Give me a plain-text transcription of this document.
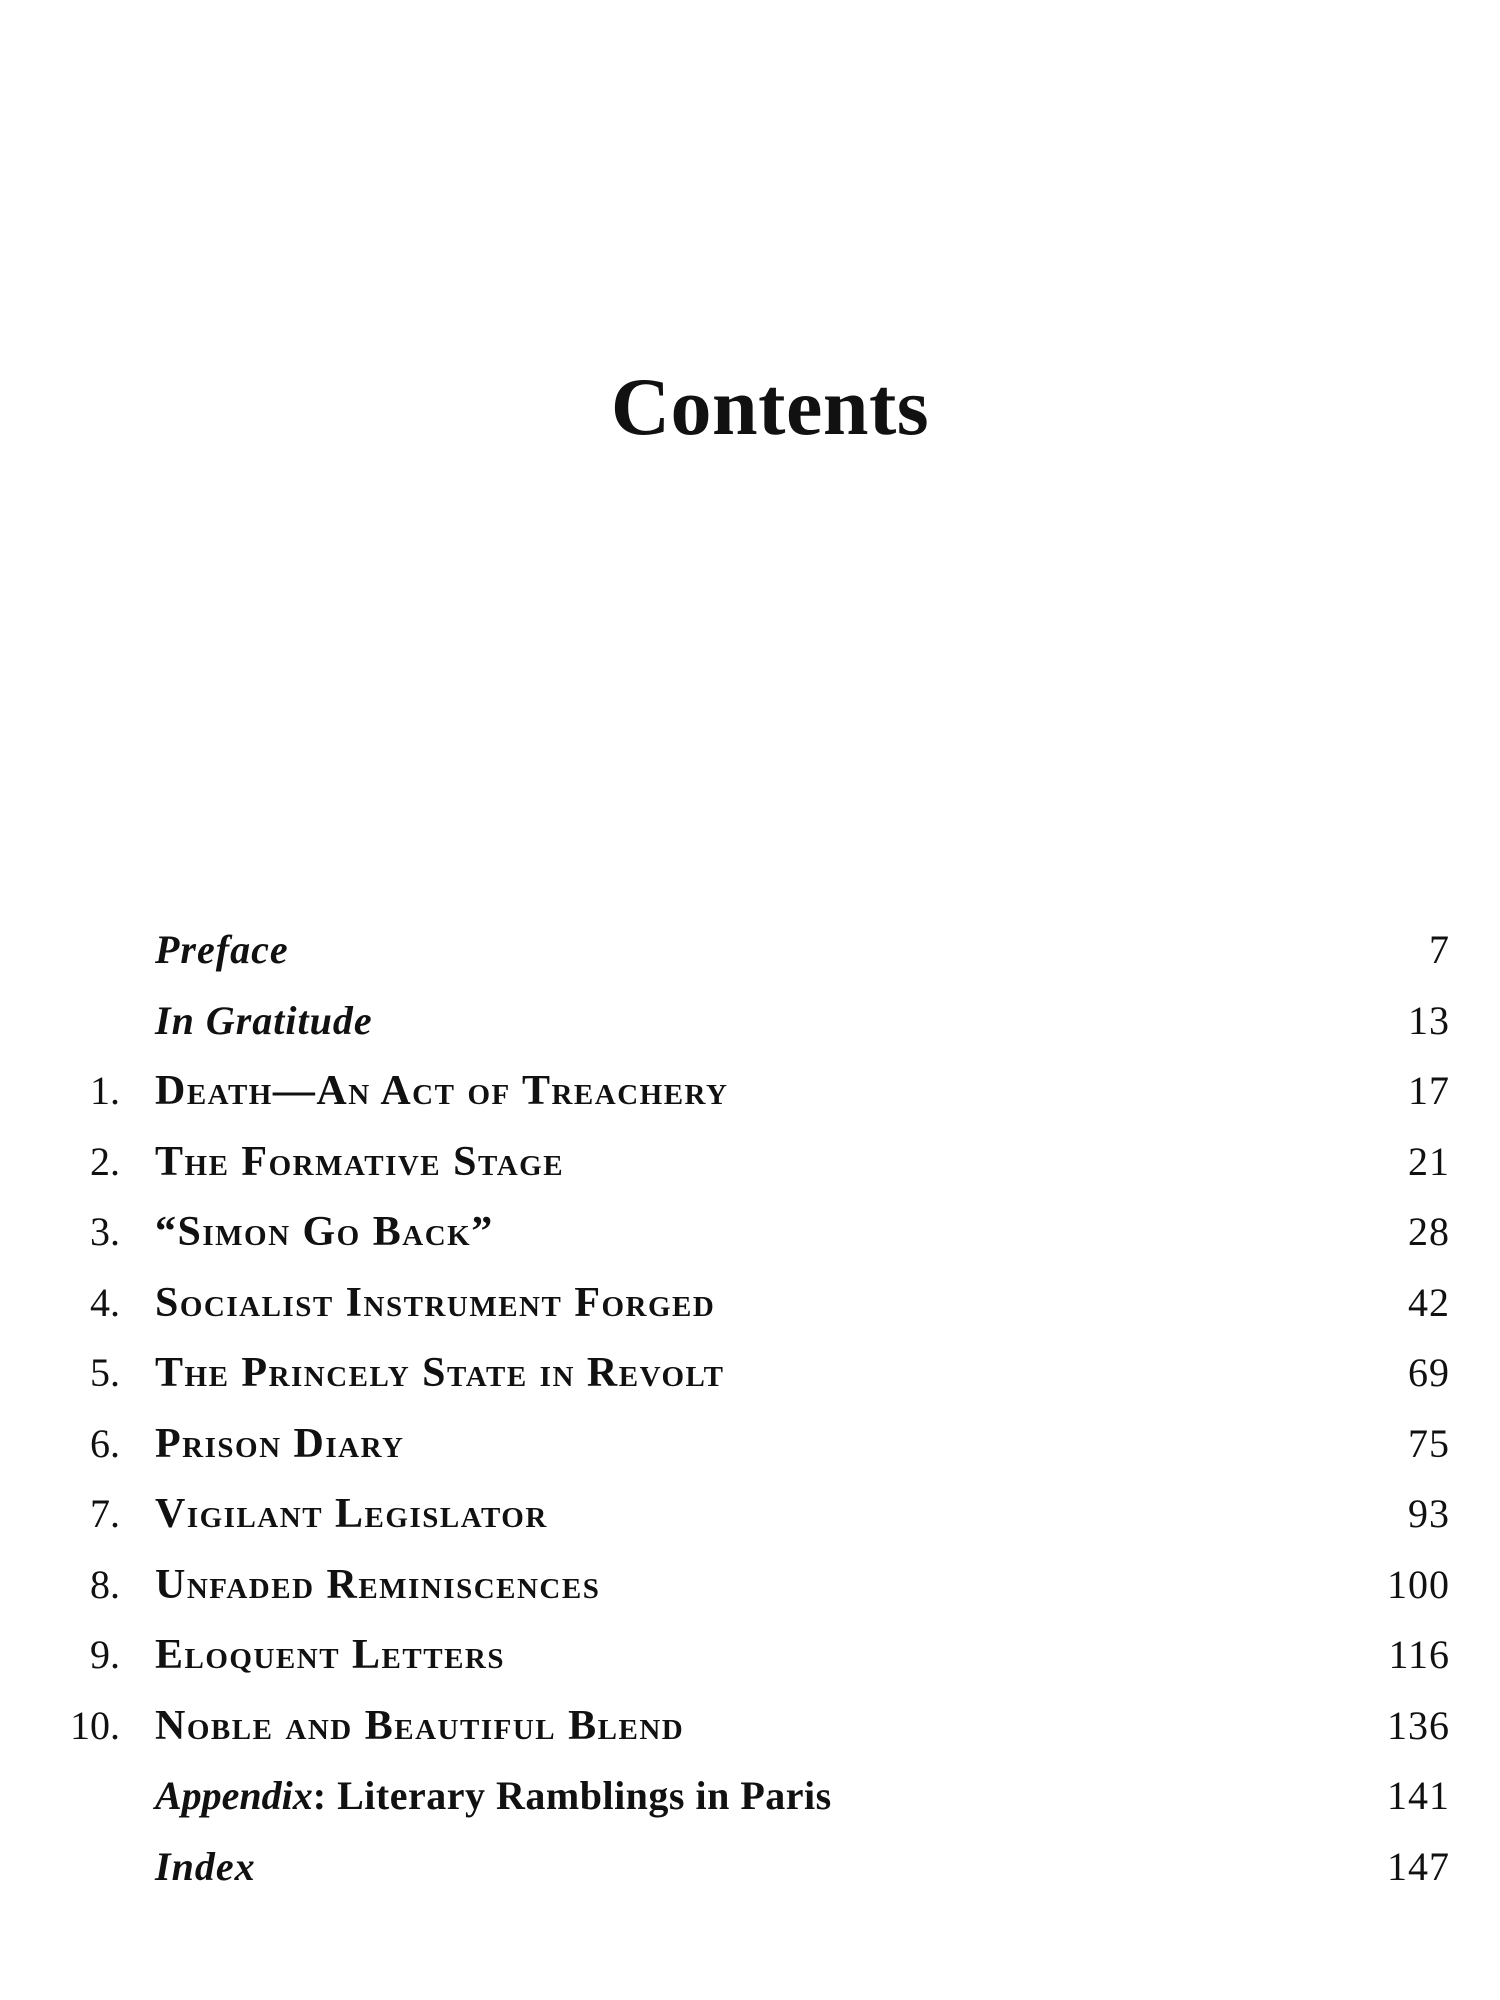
Contents
Preface	7
In Gratitude	13
1. Death—An Act of Treachery	17
2. The Formative Stage	21
3. “Simon Go Back”	28
4. Socialist Instrument Forged	42
5. The Princely State in Revolt	69
6. Prison Diary	75
7. Vigilant Legislator	93
8. Unfaded Reminiscences	100
9. Eloquent Letters	116
10. Noble and Beautiful Blend	136
Appendix: Literary Ramblings in Paris	141
Index	147
